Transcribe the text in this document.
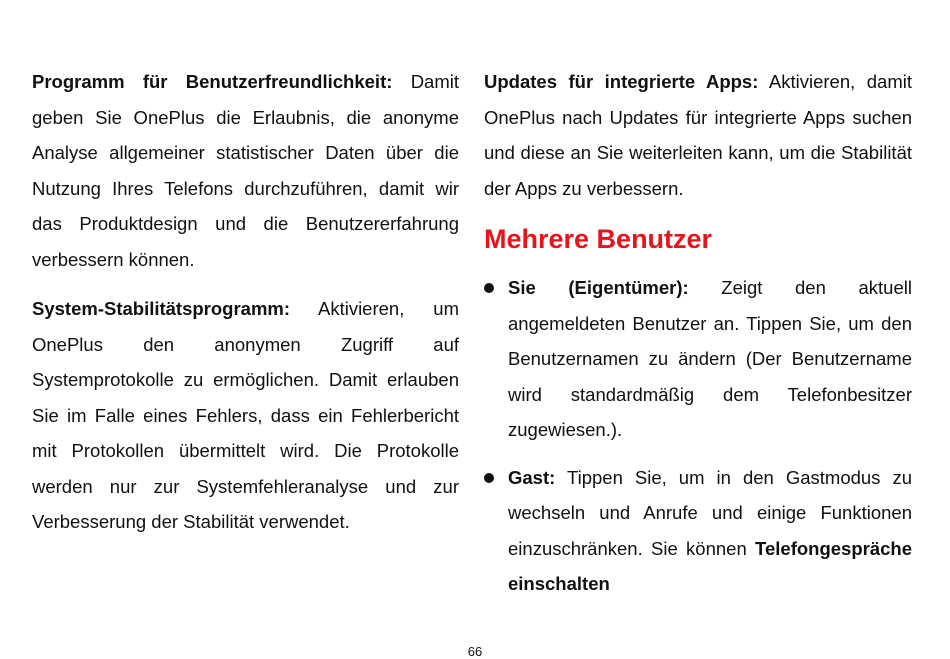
Programm für Benutzerfreundlichkeit: Damit geben Sie OnePlus die Erlaubnis, die anonyme Analyse allgemeiner statistischer Daten über die Nutzung Ihres Telefons durchzuführen, damit wir das Produktdesign und die Benutzererfahrung verbessern können.

System-Stabilitätsprogramm: Aktivieren, um OnePlus den anonymen Zugriff auf Systemprotokolle zu ermöglichen. Damit erlauben Sie im Falle eines Fehlers, dass ein Fehlerbericht mit Protokollen übermittelt wird. Die Protokolle werden nur zur Systemfehleranalyse und zur Verbesserung der Stabilität verwendet.

Updates für integrierte Apps: Aktivieren, damit OnePlus nach Updates für integrierte Apps suchen und diese an Sie weiterleiten kann, um die Stabilität der Apps zu verbessern.

Mehrere Benutzer

Sie (Eigentümer): Zeigt den aktuell angemeldeten Benutzer an. Tippen Sie, um den Benutzernamen zu ändern (Der Benutzername wird standardmäßig dem Telefonbesitzer zugewiesen.).

Gast: Tippen Sie, um in den Gastmodus zu wechseln und Anrufe und einige Funktionen einzuschränken. Sie können Telefongespräche einschalten

66
